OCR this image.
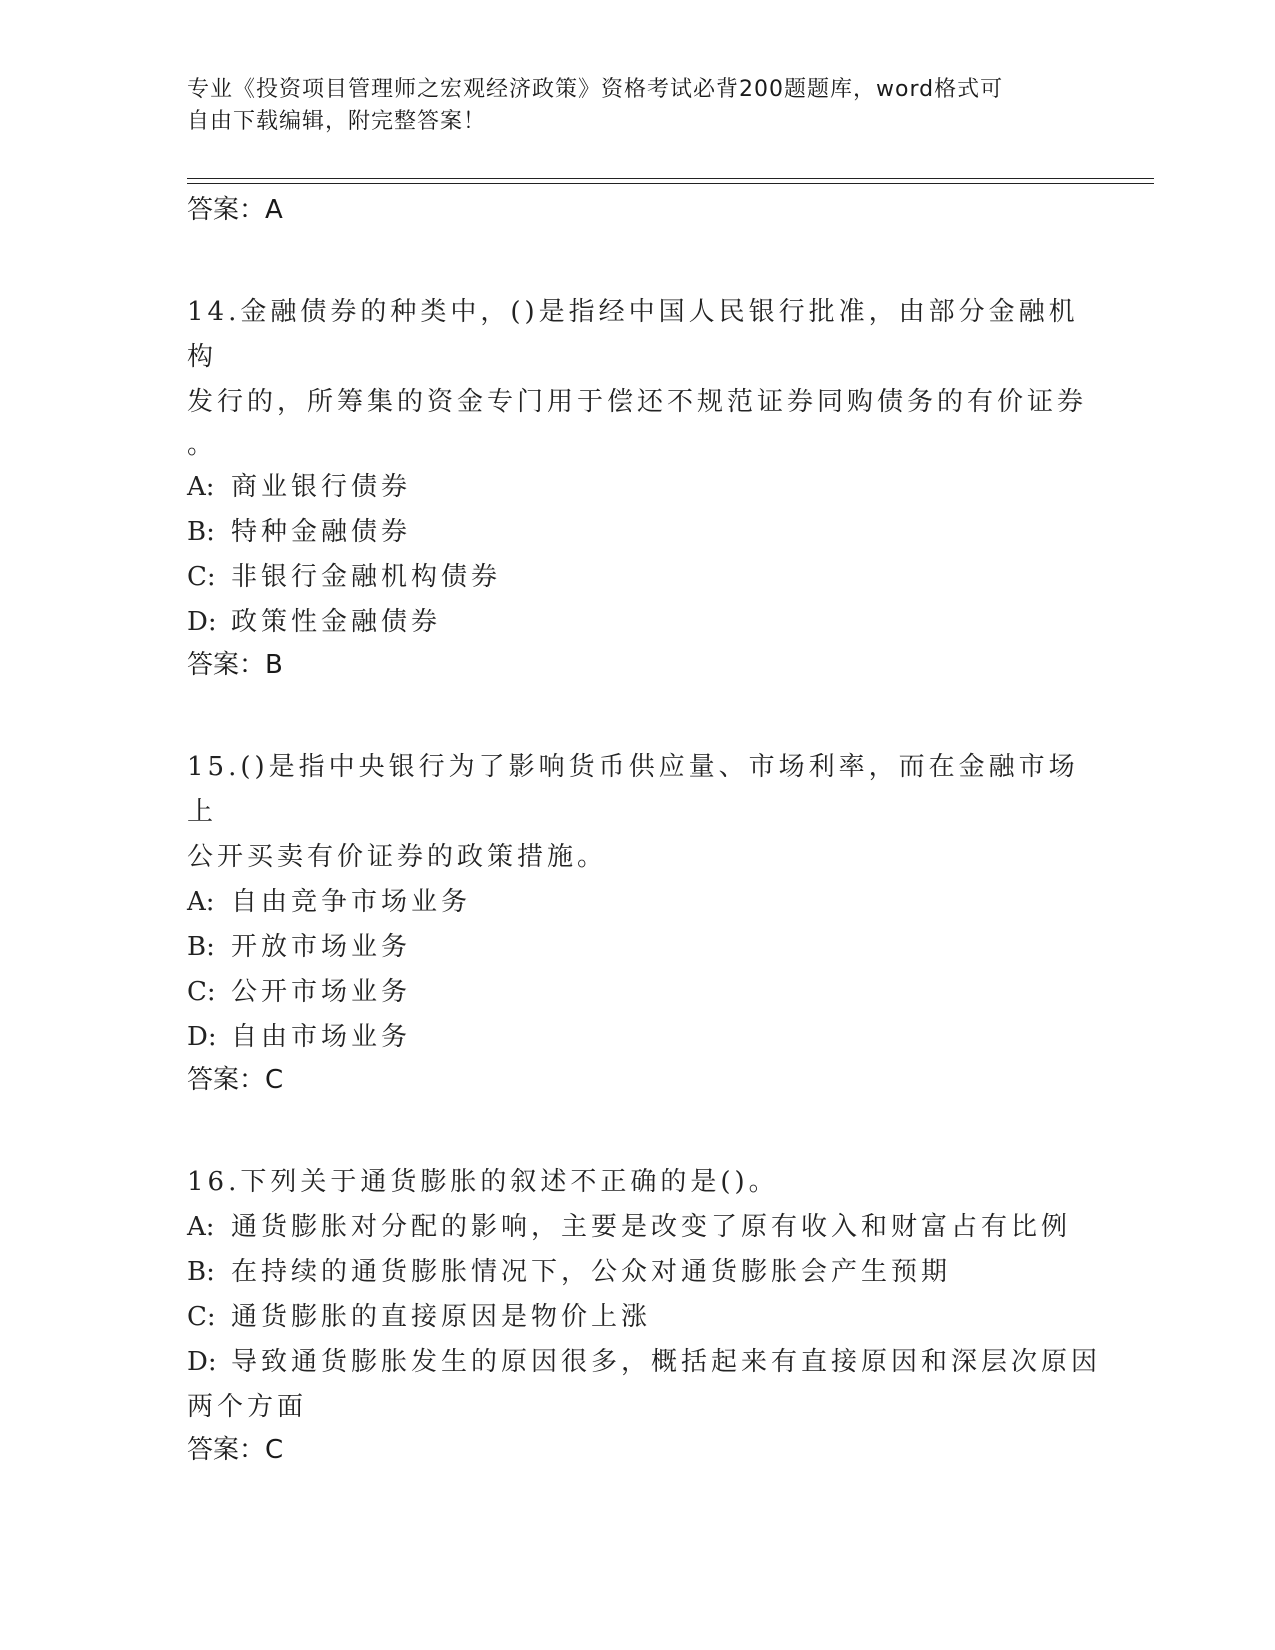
专业《投资项目管理师之宏观经济政策》资格考试必背200题题库，word格式可
自由下载编辑，附完整答案！
答案：A
14.金融债券的种类中，()是指经中国人民银行批准，由部分金融机构
发行的，所筹集的资金专门用于偿还不规范证券同购债务的有价证券
。
A: 商业银行债券
B: 特种金融债券
C: 非银行金融机构债券
D: 政策性金融债券
答案：B
15.()是指中央银行为了影响货币供应量、市场利率，而在金融市场上
公开买卖有价证券的政策措施。
A: 自由竞争市场业务
B: 开放市场业务
C: 公开市场业务
D: 自由市场业务
答案：C
16.下列关于通货膨胀的叙述不正确的是()。
A: 通货膨胀对分配的影响，主要是改变了原有收入和财富占有比例
B: 在持续的通货膨胀情况下，公众对通货膨胀会产生预期
C: 通货膨胀的直接原因是物价上涨
D: 导致通货膨胀发生的原因很多，概括起来有直接原因和深层次原因
两个方面
答案：C
